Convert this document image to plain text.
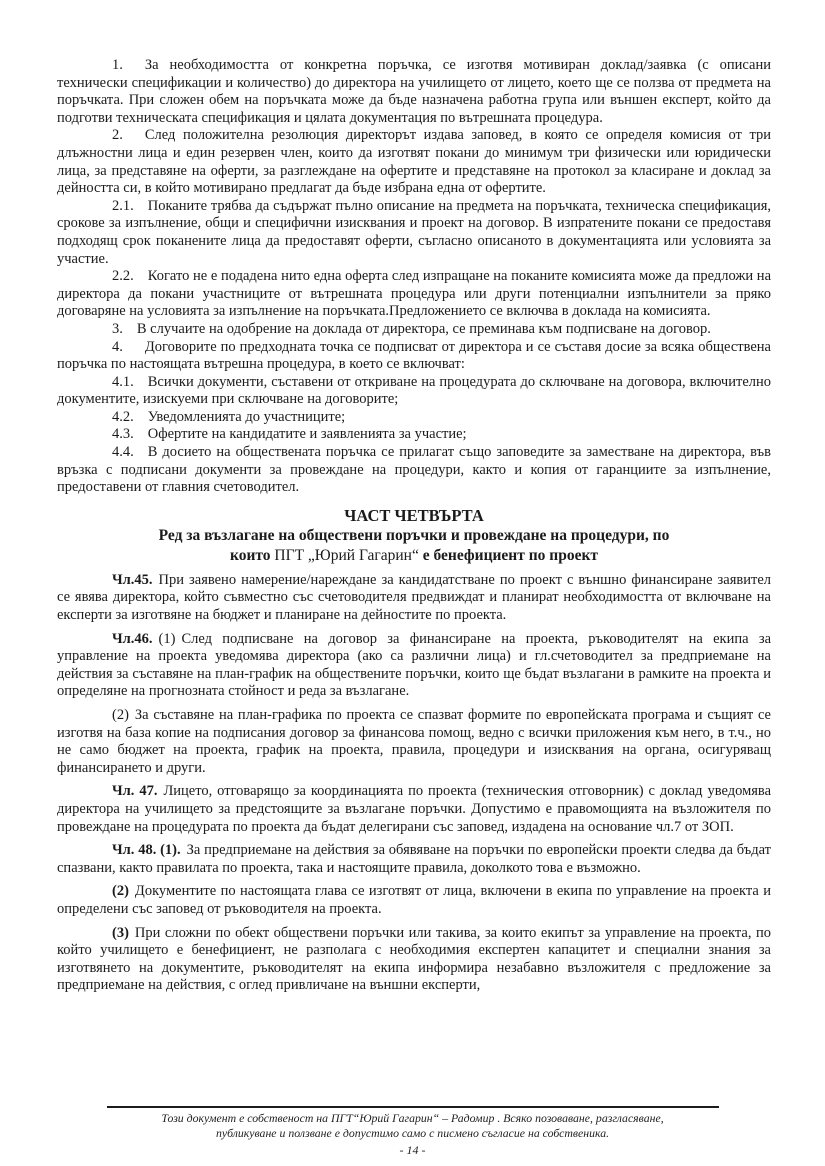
1. За необходимостта от конкретна поръчка, се изготвя мотивиран доклад/заявка (с описани технически спецификации и количество) до директора на училището от лицето, което ще се ползва от предмета на поръчката. При сложен обем на поръчката може да бъде назначена работна група или външен експерт, който да подготви техническата спецификация и цялата документация по вътрешната процедура.

2. След положителна резолюция директорът издава заповед, в която се определя комисия от три длъжностни лица и един резервен член, които да изготвят покани до минимум три физически или юридически лица, за представяне на оферти, за разглеждане на офертите и представяне на протокол за класиране и доклад за дейността си, в който мотивирано предлагат да бъде избрана една от офертите.

2.1. Поканите трябва да съдържат пълно описание на предмета на поръчката, техническа спецификация, срокове за изпълнение, общи и специфични изисквания и проект на договор. В изпратените покани се предоставя подходящ срок поканените лица да предоставят оферти, съгласно описаното в документацията или условията за участие.

2.2. Когато не е подадена нито една оферта след изпращане на поканите комисията може да предложи на директора да покани участниците от вътрешната процедура или други потенциални изпълнители за пряко договаряне на условията за изпълнение на поръчката.Предложението се включва в доклада на комисията.

3. В случаите на одобрение на доклада от директора, се преминава към подписване на договор.

4. Договорите по предходната точка се подписват от директора и се съставя досие за всяка обществена поръчка по настоящата вътрешна процедура, в което се включват:

4.1. Всички документи, съставени от откриване на процедурата до сключване на договора, включително документите, изискуеми при сключване на договорите;

4.2. Уведомленията до участниците;

4.3. Офертите на кандидатите и заявленията за участие;

4.4. В досието на обществената поръчка се прилагат също заповедите за заместване на директора, във връзка с подписани документи за провеждане на процедури, както и копия от гаранциите за изпълнение, предоставени от главния счетоводител.

ЧАСТ ЧЕТВЪРТА

Ред за възлагане на обществени поръчки и провеждане на процедури, по

които ПГТ „Юрий Гагарин“ е бенефициент по проект

Чл.45. При заявено намерение/нареждане за кандидатстване по проект с външно финансиране заявител се явява директора, който съвместно със счетоводителя предвиждат и планират необходимостта от включване на експерти за изготвяне на бюджет и планиране на дейностите по проекта.

Чл.46. (1) След подписване на договор за финансиране на проекта, ръководителят на екипа за управление на проекта уведомява директора (ако са различни лица) и гл.счетоводител за предприемане на действия за съставяне на план-график на обществените поръчки, които ще бъдат възлагани в рамките на проекта и определяне на прогнозната стойност и реда за възлагане.

(2) За съставяне на план-графика по проекта се спазват формите по европейската програма и същият се изготвя на база копие на подписания договор за финансова помощ, ведно с всички приложения към него, в т.ч., но не само бюджет на проекта, график на проекта, правила, процедури и изисквания на органа, осигуряващ финансирането и други.

Чл. 47. Лицето, отговарящо за координацията по проекта (техническия отговорник) с доклад уведомява директора на училището за предстоящите за възлагане поръчки. Допустимо е правомощията на възложителя по провеждане на процедурата по проекта да бъдат делегирани със заповед, издадена на основание чл.7 от ЗОП.

Чл. 48. (1). За предприемане на действия за обявяване на поръчки по европейски проекти следва да бъдат спазвани, както правилата по проекта, така и настоящите правила, доколкото това е възможно.

(2) Документите по настоящата глава се изготвят от лица, включени в екипа по управление на проекта и определени със заповед от ръководителя на проекта.

(3) При сложни по обект обществени поръчки или такива, за които екипът за управление на проекта, по който училището е бенефициент, не разполага с необходимия експертен капацитет и специални знания за изготвянето на документите, ръководителят на екипа информира незабавно възложителя с предложение за предприемане на действия, с оглед привличане на външни експерти,

Този документ е собственост на ПГТ“Юрий Гагарин“ – Радомир . Всяко позоваване, разгласяване,

публикуване и ползване е допустимо само с писмено съгласие на собственика.

- 14 -
